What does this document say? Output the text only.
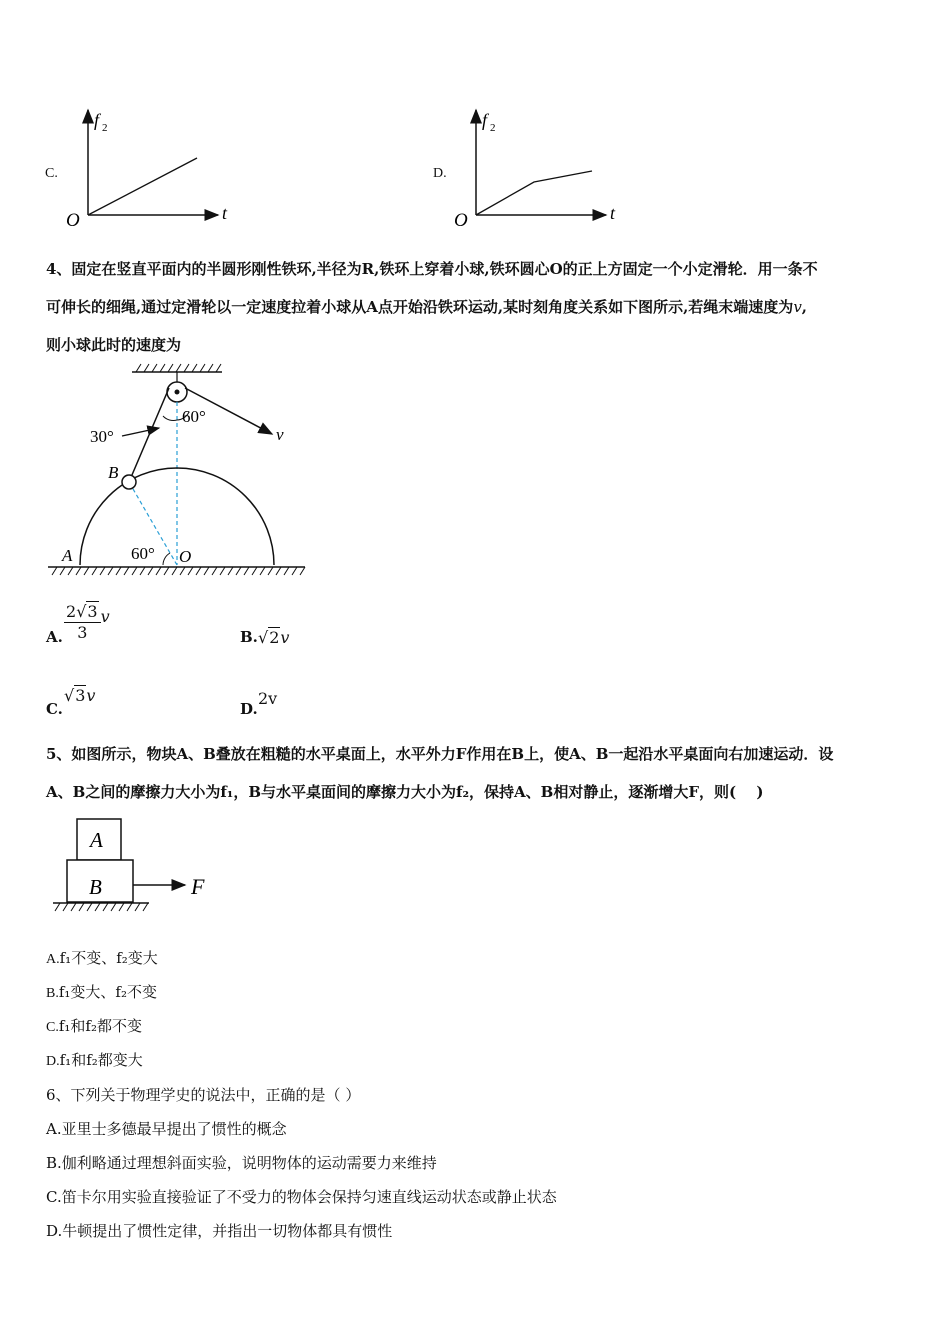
C.
f 2
t
O
D.
f 2
t
O
4、固定在竖直平面内的半圆形刚性铁环,半径为R,铁环上穿着小球,铁环圆心O的正上方固定一个小定滑轮．用一条不
可伸长的细绳,通过定滑轮以一定速度拉着小球从A点开始沿铁环运动,某时刻角度关系如下图所示,若绳末端速度为v,
则小球此时的速度为
30°
60°
v
B
A	60° O
A. $\frac{2√3}{3}$ v
B. √2v
C.
√3v
D.
2v
5、如图所示，物块A、B叠放在粗糙的水平桌面上，水平外力F作用在B上，使A、B一起沿水平桌面向右加速运动．设
A、B之间的摩擦力大小为f₁，B与水平桌面间的摩擦力大小为f₂，保持A、B相对静止，逐渐增大F，则(　 )
A
B	F
A.f₁不变、f₂变大
B.f₁变大、f₂不变
C.f₁和f₂都不变
D.f₁和f₂都变大
6、下列关于物理学史的说法中，正确的是（ ）
A.亚里士多德最早提出了惯性的概念
B.伽利略通过理想斜面实验，说明物体的运动需要力来维持
C.笛卡尔用实验直接验证了不受力的物体会保持匀速直线运动状态或静止状态
D.牛顿提出了惯性定律，并指出一切物体都具有惯性
